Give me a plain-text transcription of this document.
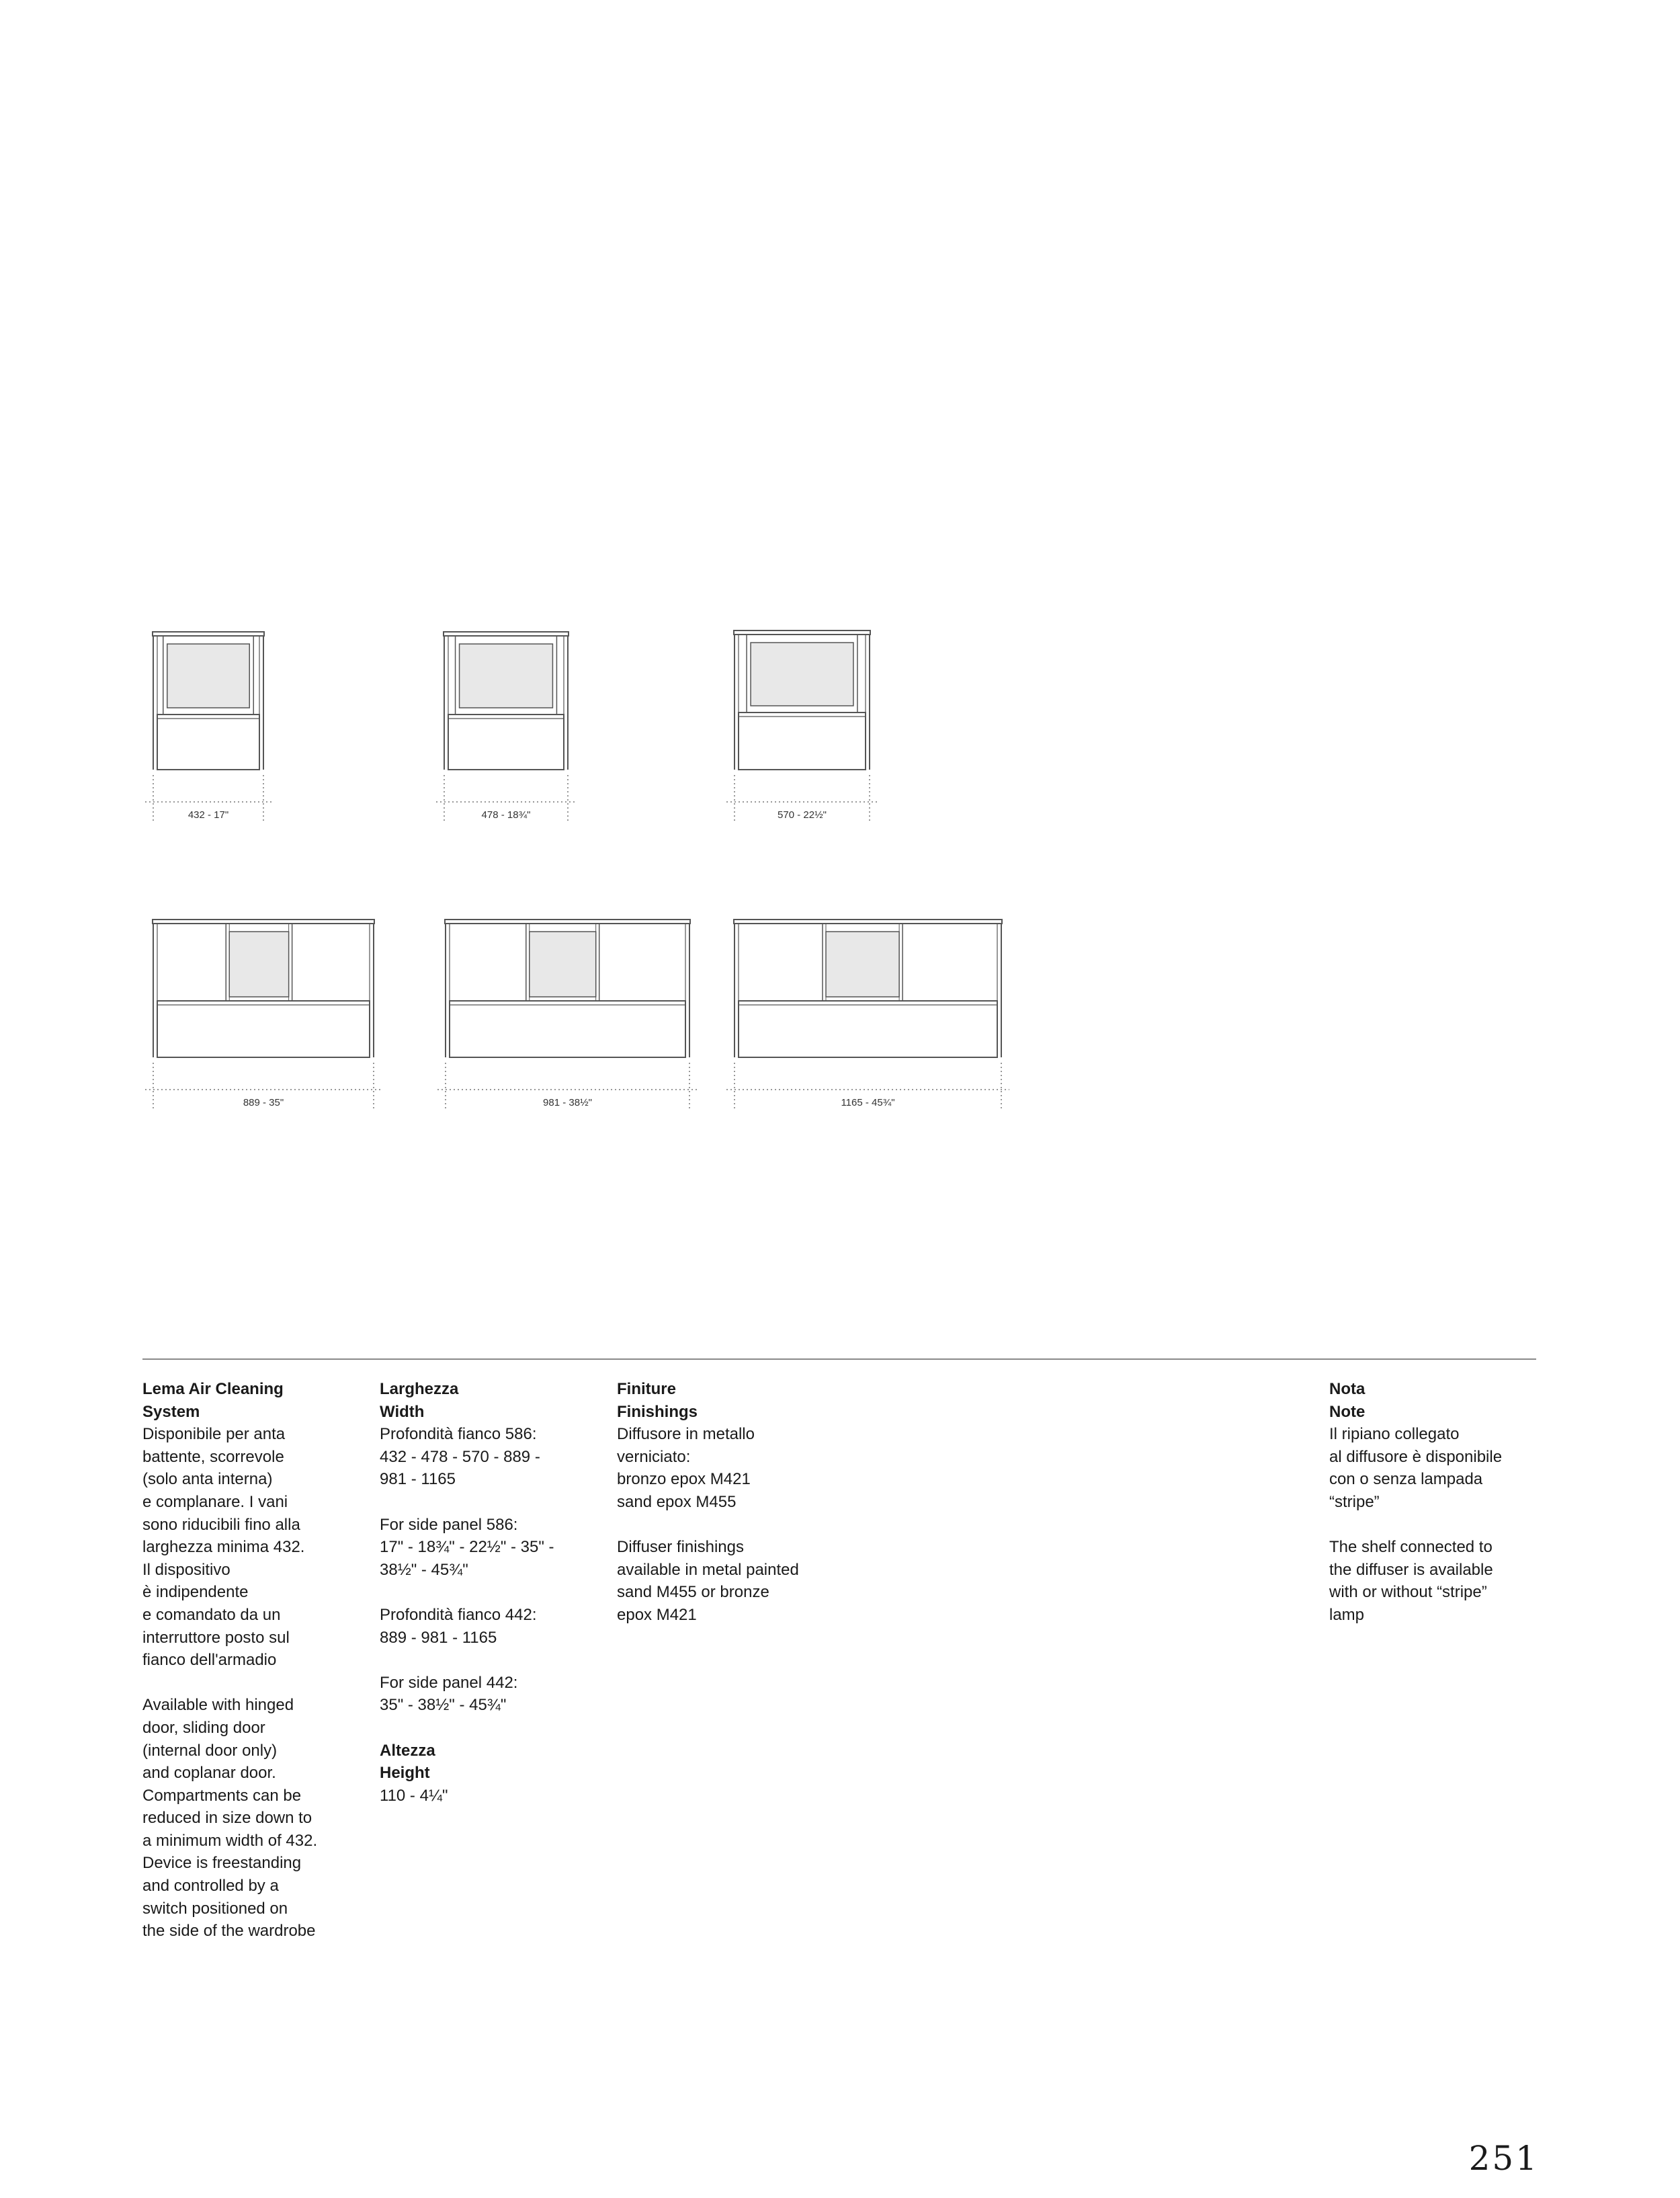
432 - 17"	478 - 18¾"	570 - 22½"
889 - 35"	981 - 38½"	1165 - 45¾"

Lema Air Cleaning
System

Disponibile per anta
battente, scorrevole
(solo anta interna)
e complanare. I vani
sono riducibili fino alla
larghezza minima 432.
Il dispositivo
è indipendente
e comandato da un
interruttore posto sul
fianco dell'armadio

Available with hinged
door, sliding door
(internal door only)
and coplanar door.
Compartments can be
reduced in size down to
a minimum width of 432.
Device is freestanding
and controlled by a
switch positioned on
the side of the wardrobe

Larghezza
Width

Profondità fianco 586:
432 - 478 - 570 - 889 -
981 - 1165

For side panel 586:
17" - 18¾" - 22½" - 35" -
38½" - 45¾"

Profondità fianco 442:
889 - 981 - 1165

For side panel 442:
35" - 38½" - 45¾"

Altezza
Height

110 - 4¼"

Finiture
Finishings

Diffusore in metallo
verniciato:
bronzo epox M421
sand epox M455

Diffuser finishings
available in metal painted
sand M455 or bronze
epox M421

Nota
Note

Il ripiano collegato
al diffusore è disponibile
con o senza lampada
“stripe”

The shelf connected to
the diffuser is available
with or without “stripe”
lamp

251
